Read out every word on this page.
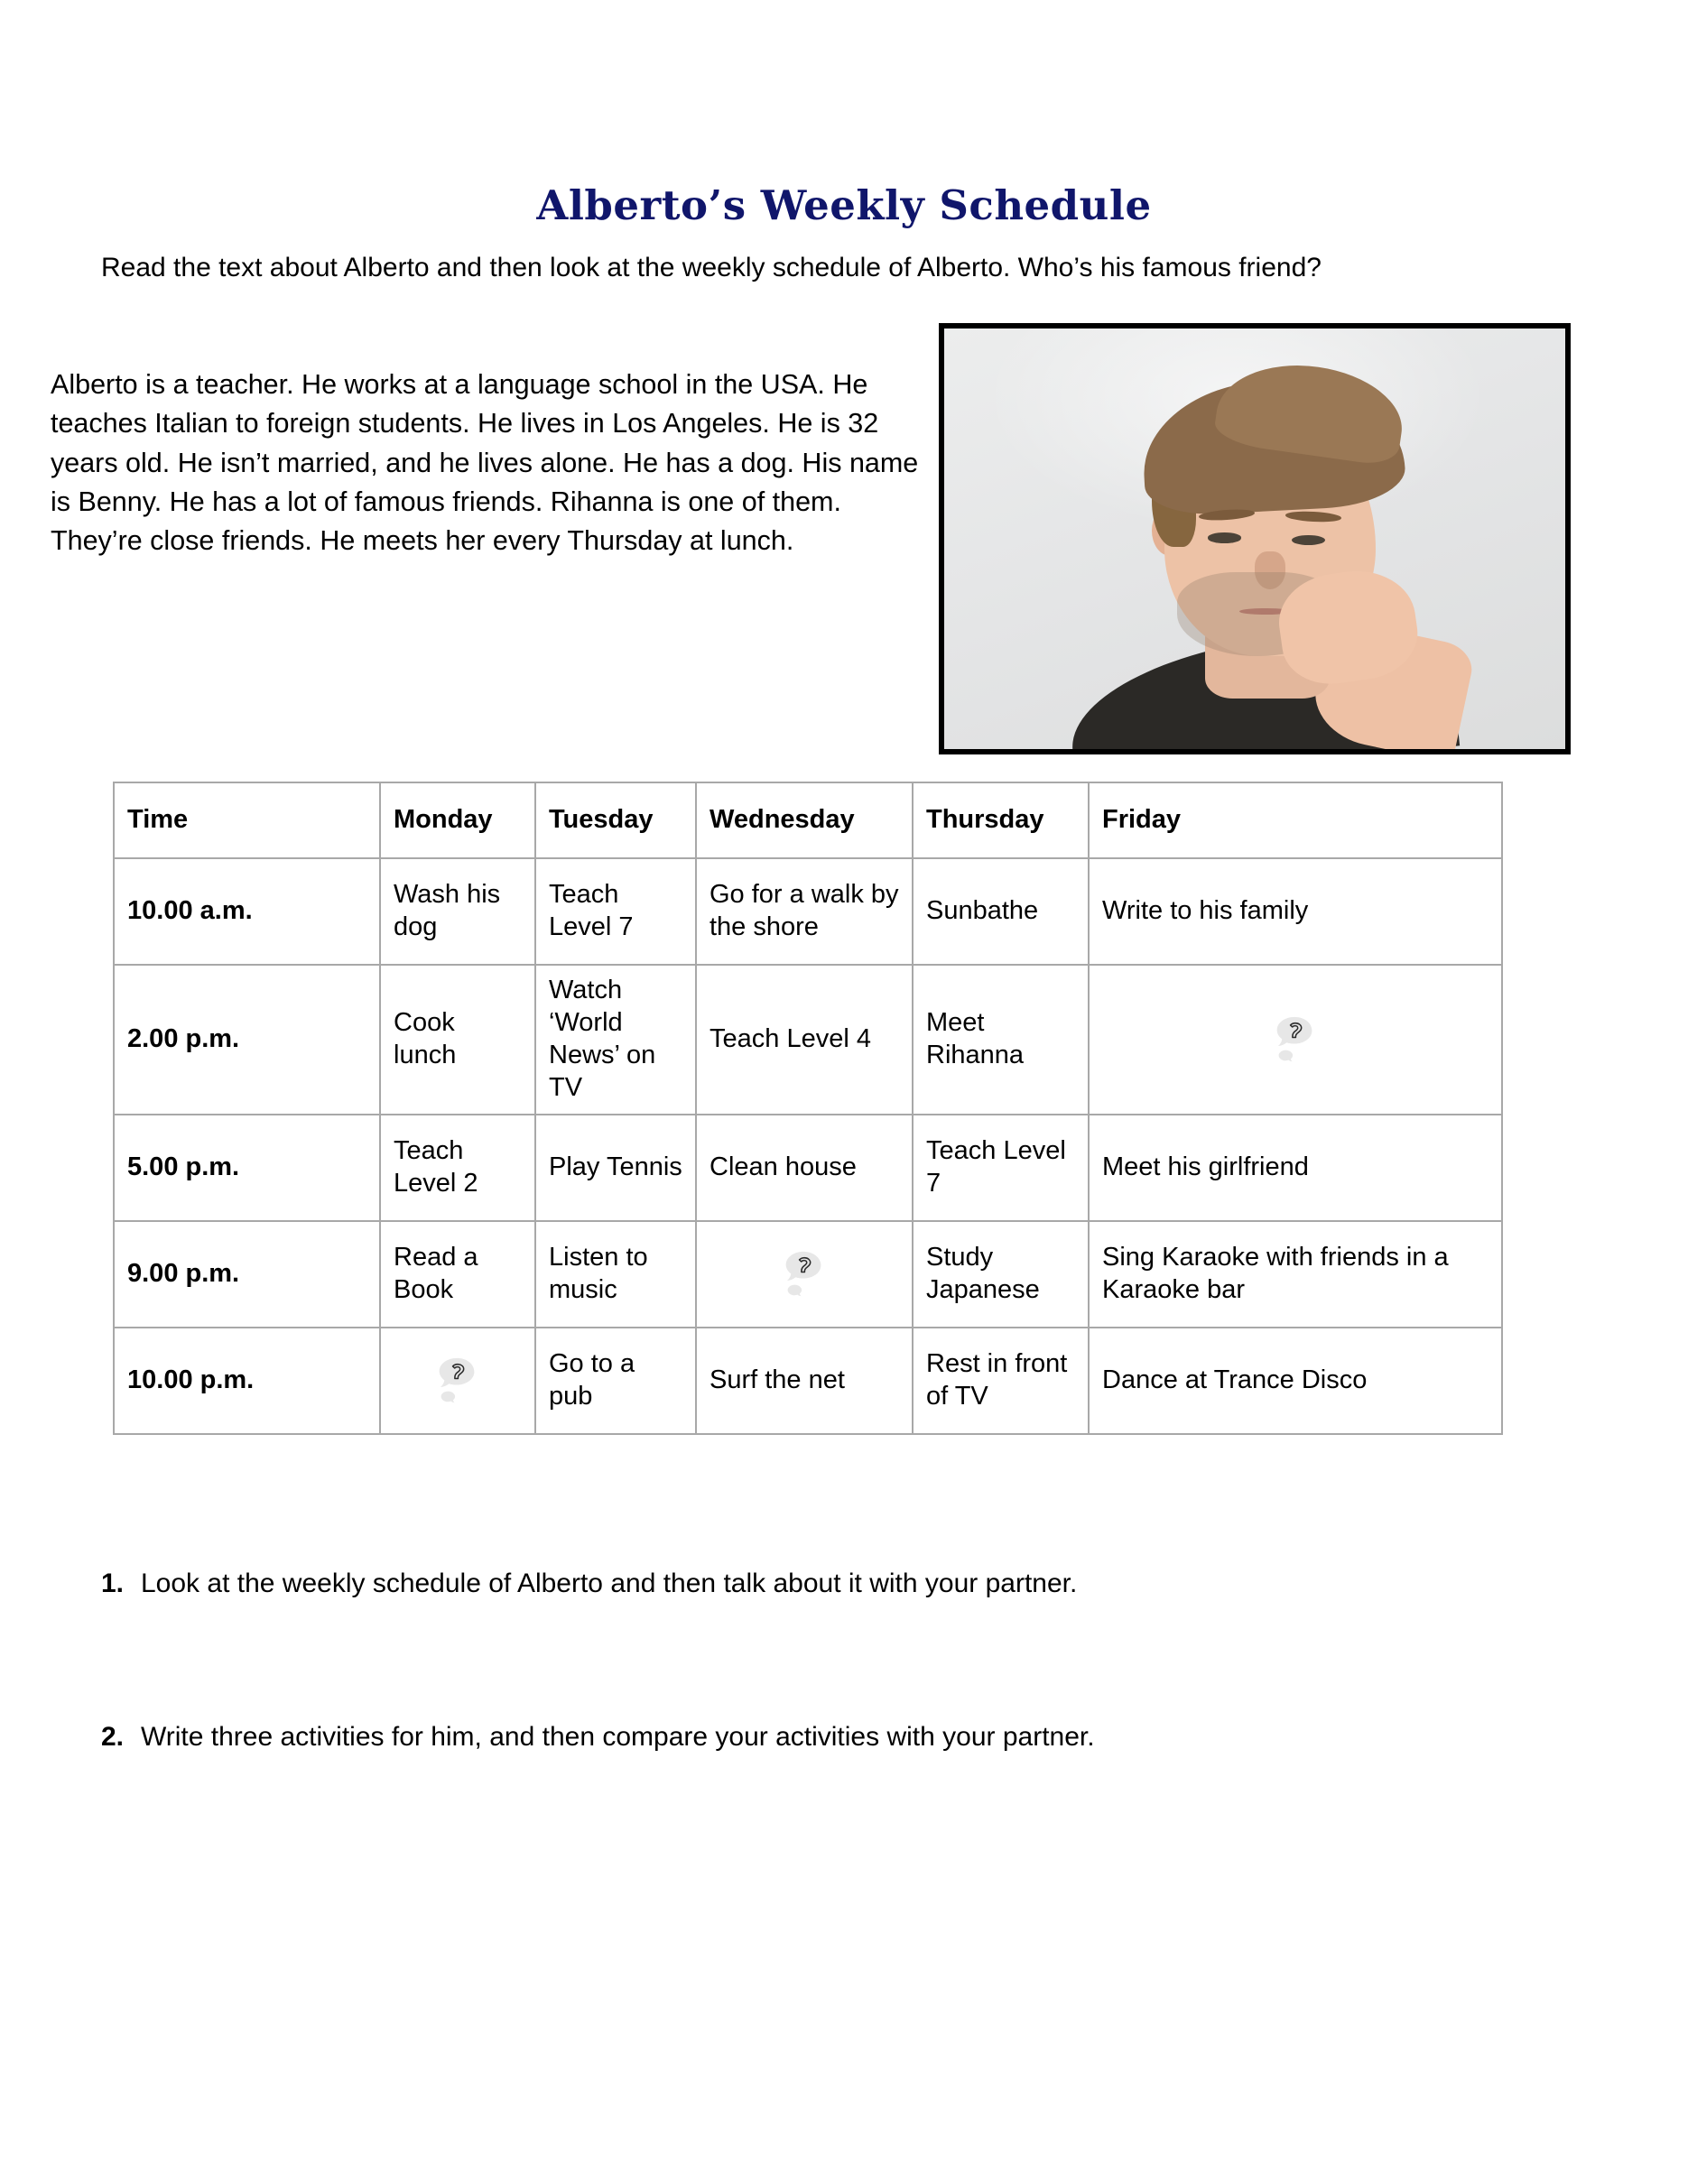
Alberto’s Weekly Schedule
Read the text about Alberto and then look at the weekly schedule of Alberto. Who’s his famous friend?
Alberto is a teacher. He works at a language school in the USA. He teaches Italian to foreign students. He lives in Los Angeles. He is 32 years old. He isn’t married, and he lives alone. He has a dog. His name is Benny. He has a lot of famous friends. Rihanna is one of them. They’re close friends. He meets her every Thursday at lunch.
Time	Monday	Tuesday	Wednesday	Thursday	Friday
10.00 a.m.	Wash his dog	Teach Level 7	Go for a walk by the shore	Sunbathe	Write to his family
2.00 p.m.	Cook lunch	Watch ‘World News’ on TV	Teach Level 4	Meet Rihanna	

5.00 p.m.	Teach Level 2	Play Tennis	Clean house	Teach Level 7	Meet his girlfriend
9.00 p.m.	Read a Book	Listen to music		Study Japanese	Sing Karaoke with friends in a Karaoke bar
10.00 p.m.		Go to a pub	Surf the net	Rest in front of TV	Dance at Trance Disco
1. Look at the weekly schedule of Alberto and then talk about it with your partner.
2. Write three activities for him, and then compare your activities with your partner.
